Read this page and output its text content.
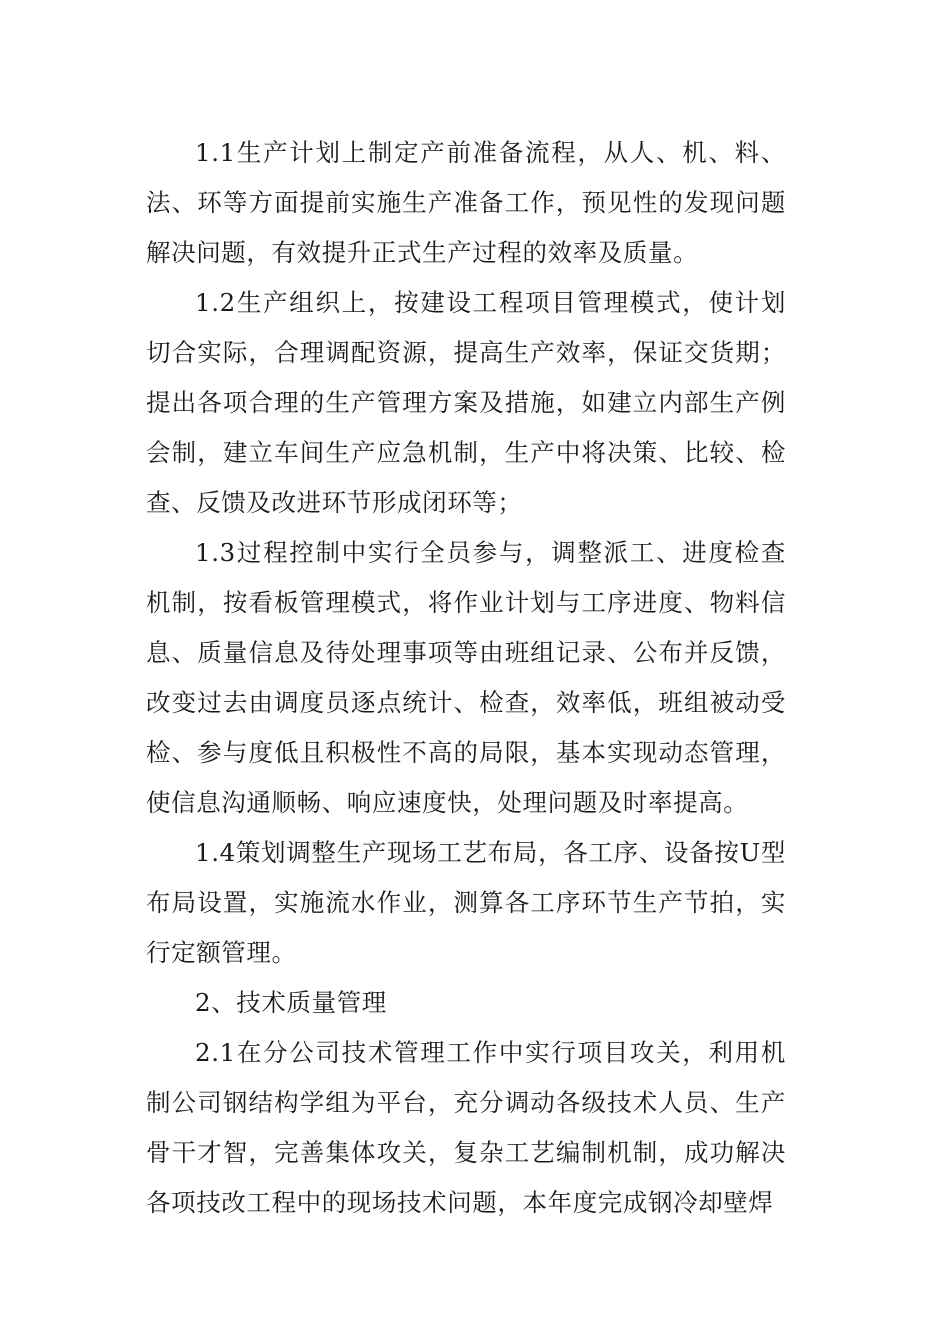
1.1生产计划上制定产前准备流程，从人、机、料、法、环等方面提前实施生产准备工作，预见性的发现问题解决问题，有效提升正式生产过程的效率及质量。

1.2生产组织上，按建设工程项目管理模式，使计划切合实际，合理调配资源，提高生产效率，保证交货期；提出各项合理的生产管理方案及措施，如建立内部生产例会制，建立车间生产应急机制，生产中将决策、比较、检查、反馈及改进环节形成闭环等；

1.3过程控制中实行全员参与，调整派工、进度检查机制，按看板管理模式，将作业计划与工序进度、物料信息、质量信息及待处理事项等由班组记录、公布并反馈，改变过去由调度员逐点统计、检查，效率低，班组被动受检、参与度低且积极性不高的局限，基本实现动态管理，使信息沟通顺畅、响应速度快，处理问题及时率提高。

1.4策划调整生产现场工艺布局，各工序、设备按U型布局设置，实施流水作业，测算各工序环节生产节拍，实行定额管理。

2、技术质量管理

2.1在分公司技术管理工作中实行项目攻关，利用机制公司钢结构学组为平台，充分调动各级技术人员、生产骨干才智，完善集体攻关，复杂工艺编制机制，成功解决各项技改工程中的现场技术问题，本年度完成钢冷却壁焊
